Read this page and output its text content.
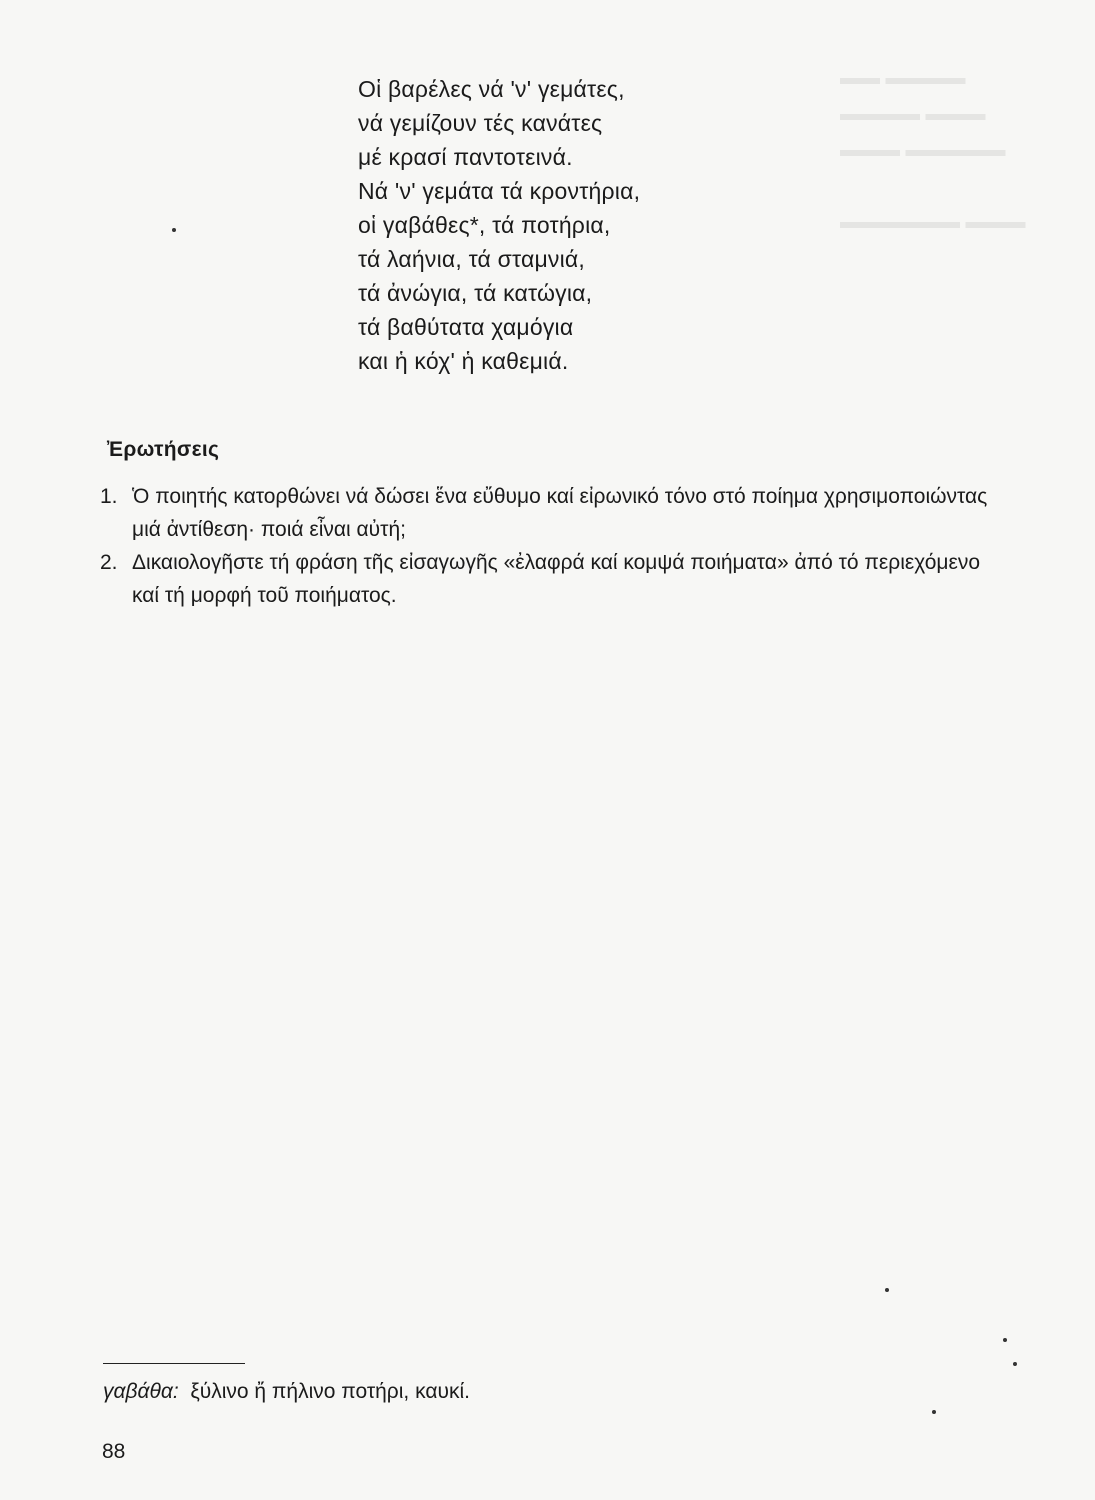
▬▬ ▬▬▬▬
▬▬▬▬ ▬▬▬
▬▬▬ ▬▬▬▬▬

▬▬▬▬▬▬ ▬▬▬
Οἱ βαρέλες νά 'ν' γεμάτες,
νά γεμίζουν τές κανάτες
μέ κρασί παντοτεινά.
Νά 'ν' γεμάτα τά κροντήρια,
οἱ γαβάθες*, τά ποτήρια,
τά λαήνια, τά σταμνιά,
τά ἀνώγια, τά κατώγια,
τά βαθύτατα χαμόγια
και ἡ κόχ' ἡ καθεμιά.
Ἐρωτήσεις
1. Ὁ ποιητής κατορθώνει νά δώσει ἕνα εὔθυμο καί εἰρωνικό τόνο στό ποίημα χρησιμοποιώντας μιά ἀντίθεση· ποιά εἶναι αὐτή;
2. Δικαιολογῆστε τή φράση τῆς εἰσαγωγῆς «ἐλαφρά καί κομψά ποιήματα» ἀπό τό περιεχόμενο καί τή μορφή τοῦ ποιήματος.
γαβάθα: ξύλινο ἤ πήλινο ποτήρι, καυκί.
88
